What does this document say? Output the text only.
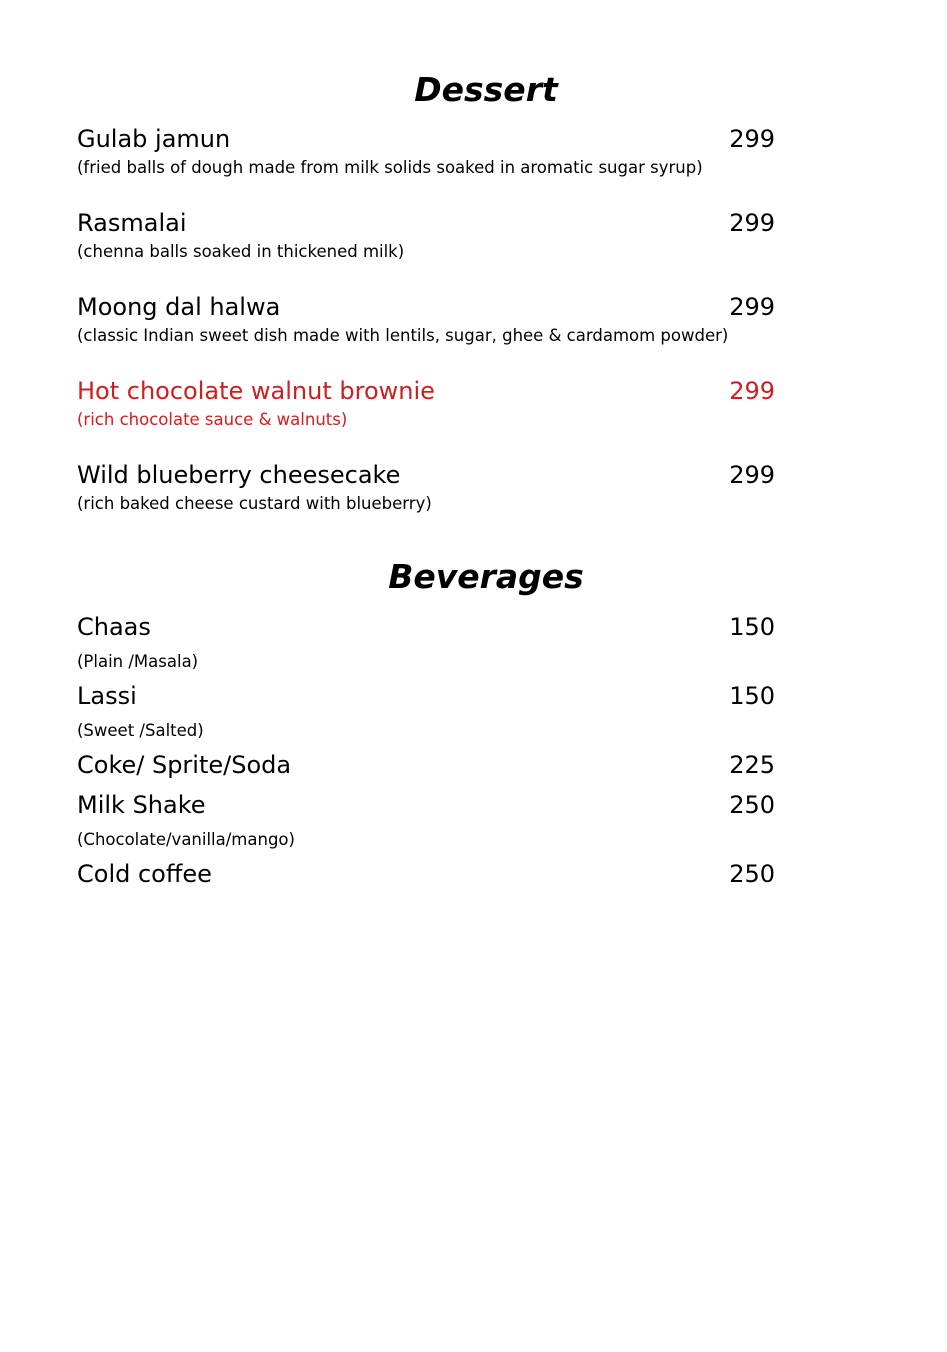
Dessert
Gulab jamun	299
(fried balls of dough made from milk solids soaked in aromatic sugar syrup)
Rasmalai	299
(chenna balls soaked in thickened milk)
Moong dal halwa	299
(classic Indian sweet dish made with lentils, sugar, ghee & cardamom powder)
Hot chocolate walnut brownie	299
(rich chocolate sauce & walnuts)
Wild blueberry cheesecake	299
(rich baked cheese custard with blueberry)
Beverages
Chaas	150
(Plain /Masala)
Lassi	150
(Sweet /Salted)
Coke/ Sprite/Soda	225
Milk Shake	250
(Chocolate/vanilla/mango)
Cold coffee	250
